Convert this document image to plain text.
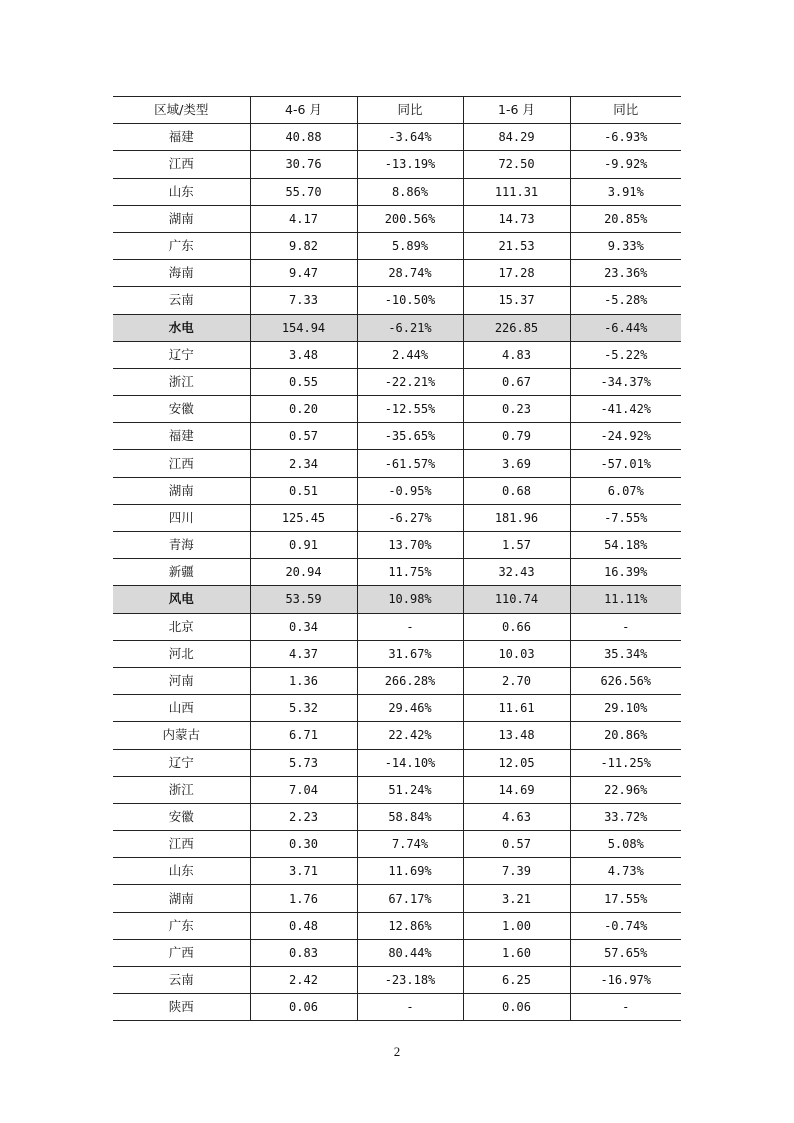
区域/类型	4-6 月	同比	1-6 月	同比
福建	40.88	-3.64%	84.29	-6.93%
江西	30.76	-13.19%	72.50	-9.92%
山东	55.70	8.86%	111.31	3.91%
湖南	4.17	200.56%	14.73	20.85%
广东	9.82	5.89%	21.53	9.33%
海南	9.47	28.74%	17.28	23.36%
云南	7.33	-10.50%	15.37	-5.28%
水电	154.94	-6.21%	226.85	-6.44%
辽宁	3.48	2.44%	4.83	-5.22%
浙江	0.55	-22.21%	0.67	-34.37%
安徽	0.20	-12.55%	0.23	-41.42%
福建	0.57	-35.65%	0.79	-24.92%
江西	2.34	-61.57%	3.69	-57.01%
湖南	0.51	-0.95%	0.68	6.07%
四川	125.45	-6.27%	181.96	-7.55%
青海	0.91	13.70%	1.57	54.18%
新疆	20.94	11.75%	32.43	16.39%
风电	53.59	10.98%	110.74	11.11%
北京	0.34	-	0.66	-
河北	4.37	31.67%	10.03	35.34%
河南	1.36	266.28%	2.70	626.56%
山西	5.32	29.46%	11.61	29.10%
内蒙古	6.71	22.42%	13.48	20.86%
辽宁	5.73	-14.10%	12.05	-11.25%
浙江	7.04	51.24%	14.69	22.96%
安徽	2.23	58.84%	4.63	33.72%
江西	0.30	7.74%	0.57	5.08%
山东	3.71	11.69%	7.39	4.73%
湖南	1.76	67.17%	3.21	17.55%
广东	0.48	12.86%	1.00	-0.74%
广西	0.83	80.44%	1.60	57.65%
云南	2.42	-23.18%	6.25	-16.97%
陕西	0.06	-	0.06	-
2
